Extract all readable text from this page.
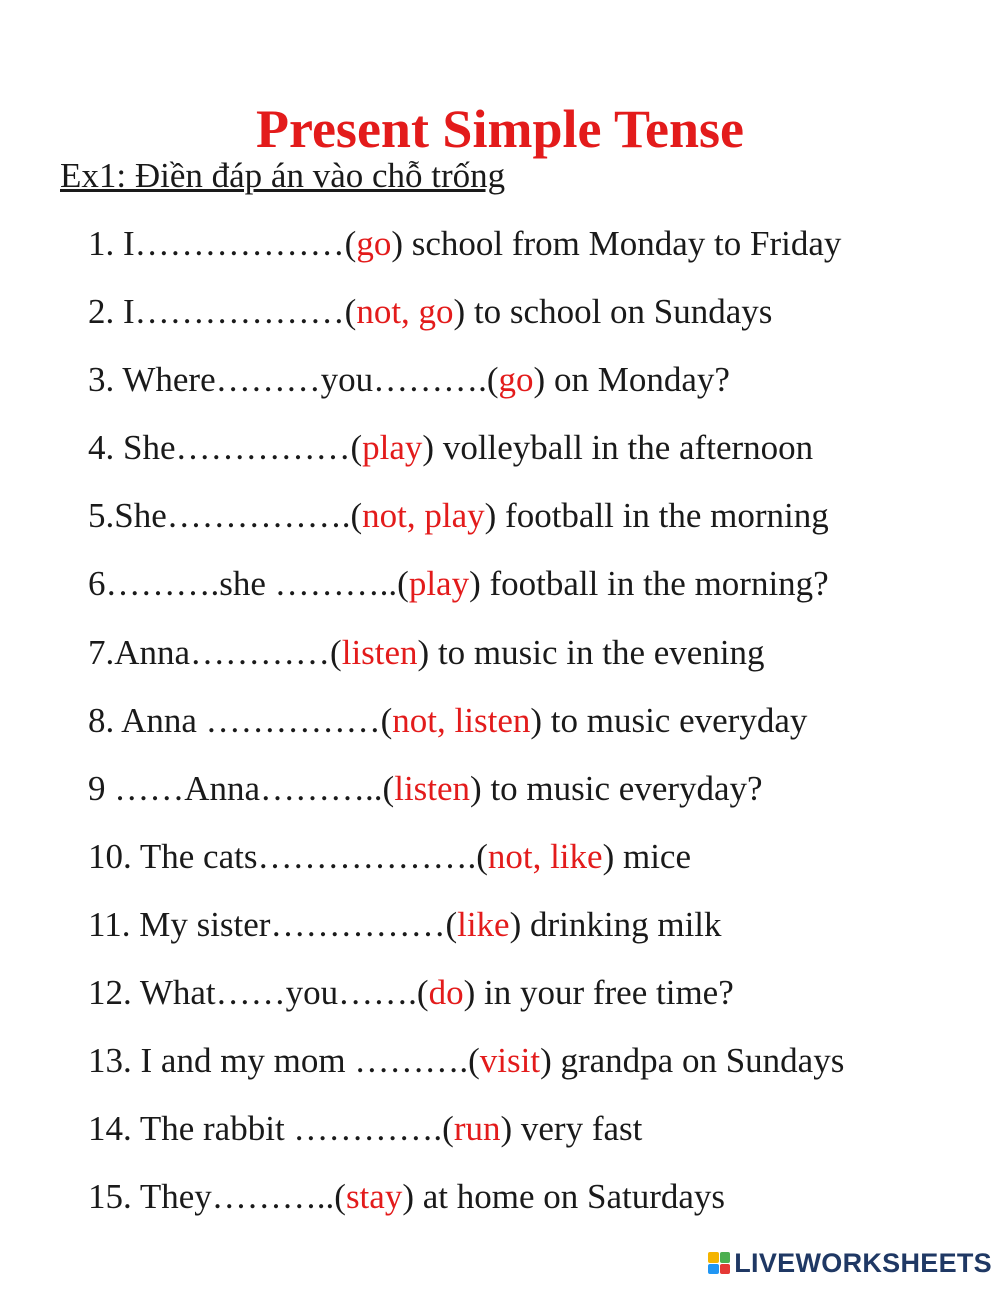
Present Simple Tense
Ex1: Điền đáp án vào chỗ trống
1. I………………(go) school from Monday to Friday
2. I………………(not, go) to school on Sundays
3. Where………you……….(go) on Monday?
4. She……………(play) volleyball in the afternoon
5.She…………….(not, play) football in the morning
6……….she ………..(play) football in the morning?
7.Anna…………(listen) to music in the evening
8. Anna ……………(not, listen) to music everyday
9 ……Anna………..(listen) to music everyday?
10. The cats……………….(not, like) mice
11. My sister……………(like) drinking milk
12. What……you…….(do) in your free time?
13. I and my mom ……….(visit) grandpa on Sundays
14. The rabbit ………….(run) very fast
15. They………..(stay) at home on Saturdays
LIVEWORKSHEETS
